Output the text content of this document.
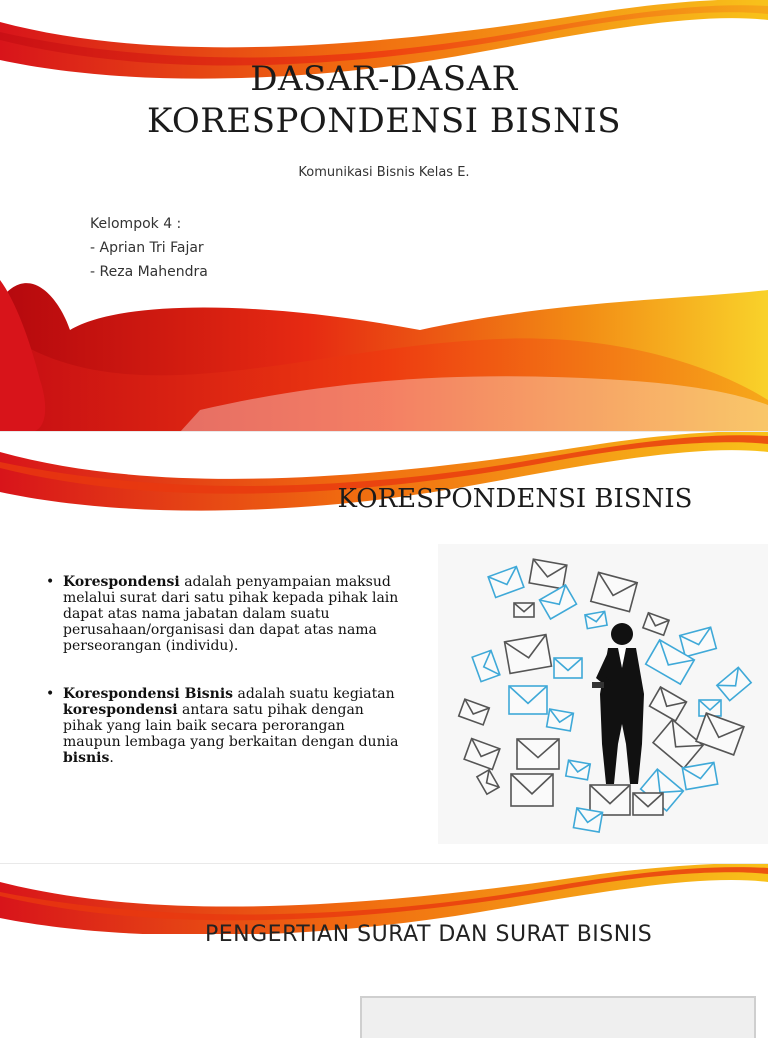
DASAR-DASAR
KORESPONDENSI BISNIS
Komunikasi Bisnis Kelas E.
Kelompok 4 :
- Aprian Tri Fajar
- Reza Mahendra
KORESPONDENSI BISNIS
• Korespondensi adalah penyampaian maksud melalui surat dari satu pihak kepada pihak lain dapat atas nama jabatan dalam suatu perusahaan/organisasi dan dapat atas nama perseorangan (individu).
• Korespondensi Bisnis adalah suatu kegiatan korespondensi antara satu pihak dengan pihak yang lain baik secara perorangan maupun lembaga yang berkaitan dengan dunia bisnis.
PENGERTIAN SURAT DAN SURAT BISNIS
